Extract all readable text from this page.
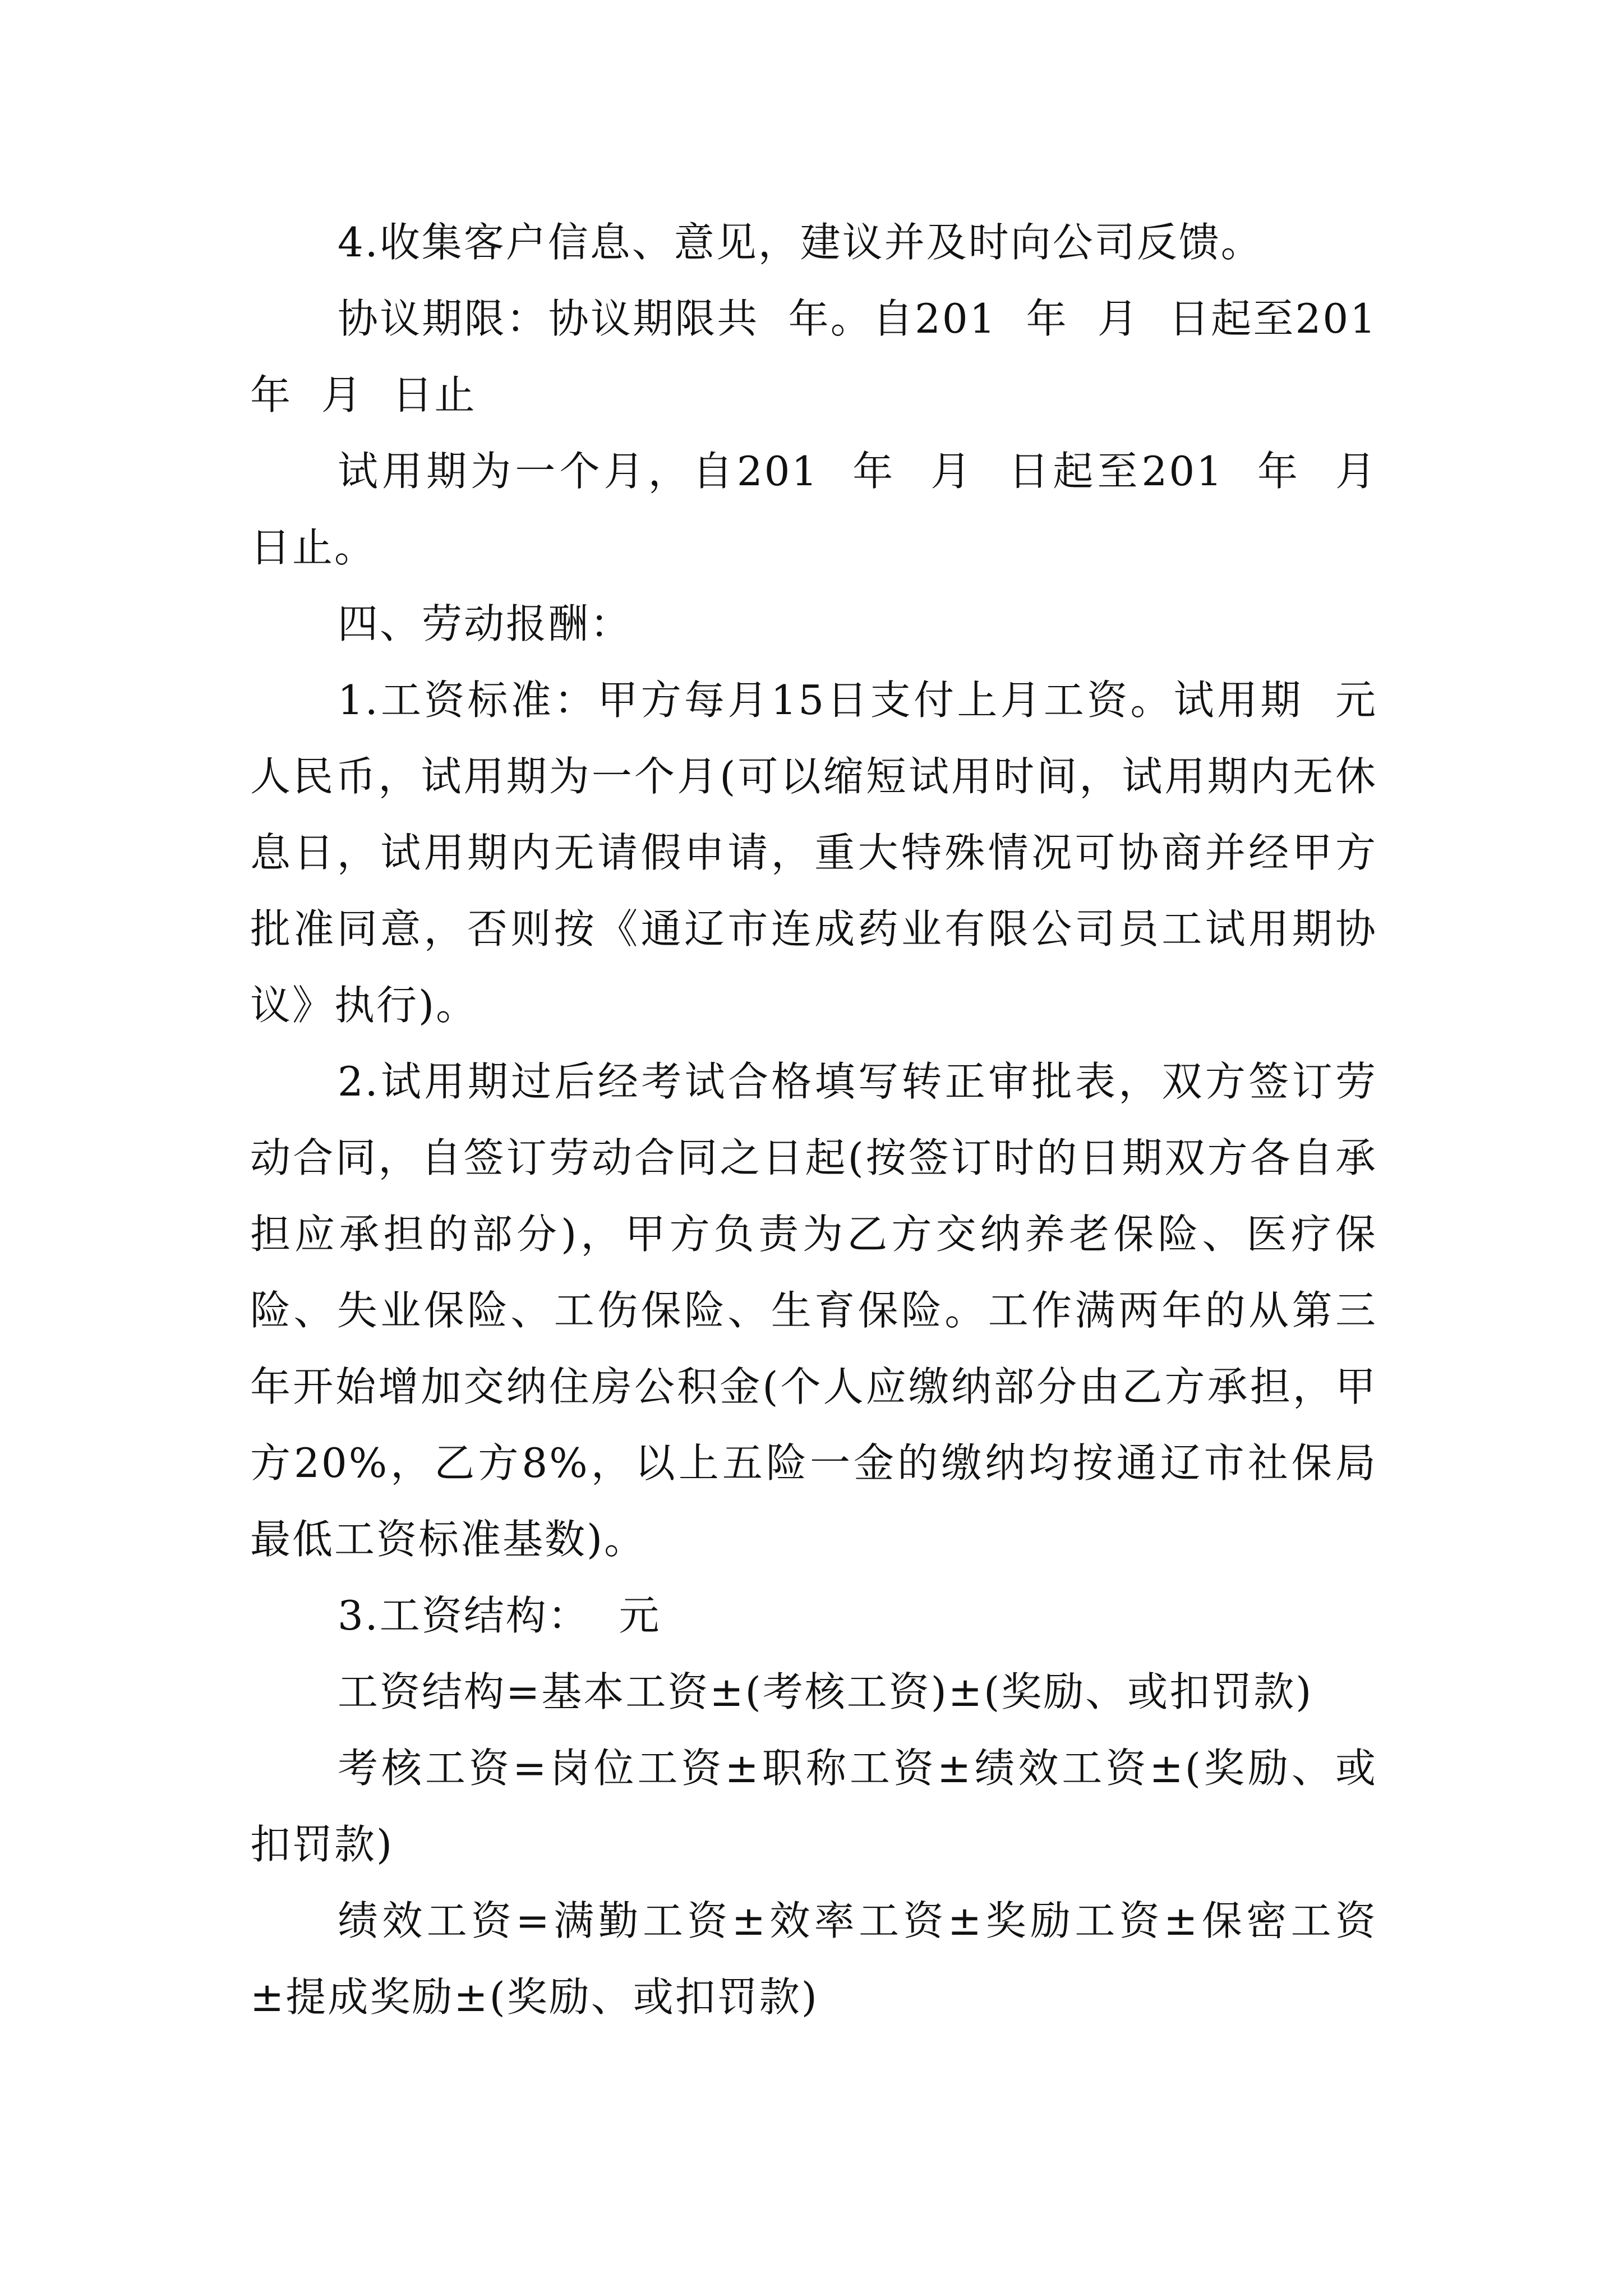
4.收集客户信息、意见，建议并及时向公司反馈。

协议期限：协议期限共  年。自201  年  月  日起至201  年  月  日止

试用期为一个月，自201  年  月  日起至201  年  月  日止。

四、劳动报酬：

1.工资标准：甲方每月15日支付上月工资。试用期  元人民币，试用期为一个月(可以缩短试用时间，试用期内无休息日，试用期内无请假申请，重大特殊情况可协商并经甲方批准同意，否则按《通辽市连成药业有限公司员工试用期协议》执行)。

2.试用期过后经考试合格填写转正审批表，双方签订劳动合同，自签订劳动合同之日起(按签订时的日期双方各自承担应承担的部分)，甲方负责为乙方交纳养老保险、医疗保险、失业保险、工伤保险、生育保险。工作满两年的从第三年开始增加交纳住房公积金(个人应缴纳部分由乙方承担，甲方20%，乙方8%，以上五险一金的缴纳均按通辽市社保局最低工资标准基数)。

3.工资结构：  元

工资结构=基本工资±(考核工资)±(奖励、或扣罚款)

考核工资=岗位工资±职称工资±绩效工资±(奖励、或扣罚款)

绩效工资=满勤工资±效率工资±奖励工资±保密工资±提成奖励±(奖励、或扣罚款)
